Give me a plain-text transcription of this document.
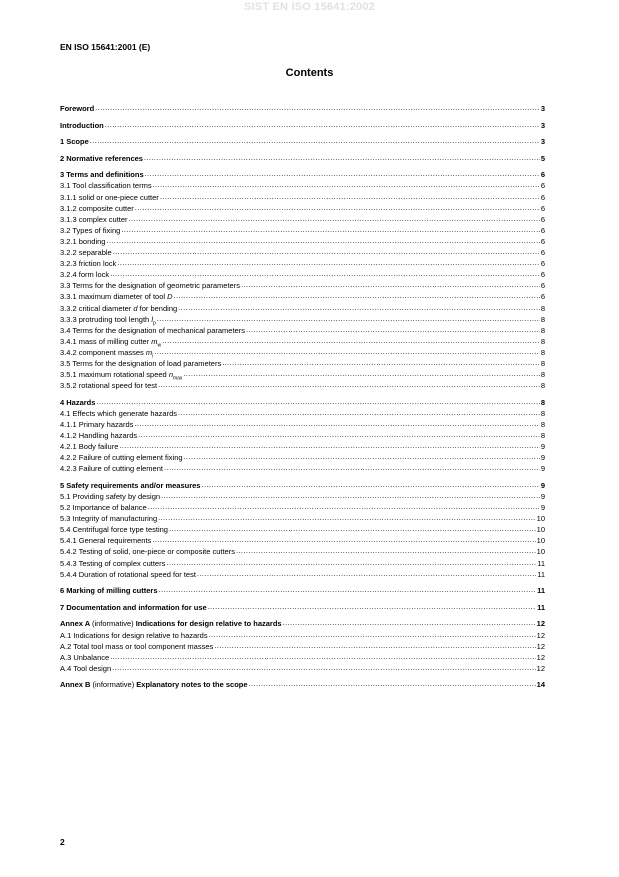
SIST EN ISO 15641:2002
EN ISO 15641:2001 (E)
Contents
Foreword .....	3
Introduction .....	3
1 Scope .....	3
2 Normative references .....	5
3 Terms and definitions .....	6
3.1 Tool classification terms .....	6
3.1.1 solid or one-piece cutter .....	6
3.1.2 composite cutter .....	6
3.1.3 complex cutter .....	6
3.2 Types of fixing .....	6
3.2.1 bonding .....	6
3.2.2 separable .....	6
3.2.3 friction lock .....	6
3.2.4 form lock .....	6
3.3 Terms for the designation of geometric parameters .....	6
3.3.1 maximum diameter of tool D .....	6
3.3.2 critical diameter d for bending .....	8
3.3.3 protruding tool length $l_p$ .....	8
3.4 Terms for the designation of mechanical parameters .....	8
3.4.1 mass of milling cutter $m_w$ .....	8
3.4.2 component masses $m_i$ .....	8
3.5 Terms for the designation of load parameters .....	8
3.5.1 maximum rotational speed $n_{max}$ .....	8
3.5.2 rotational speed for test .....	8
4 Hazards .....	8
4.1 Effects which generate hazards .....	8
4.1.1 Primary hazards .....	8
4.1.2 Handling hazards .....	8
4.2.1 Body failure .....	9
4.2.2 Failure of cutting element fixing .....	9
4.2.3 Failure of cutting element .....	9
5 Safety requirements and/or measures .....	9
5.1 Providing safety by design .....	9
5.2 Importance of balance .....	9
5.3 Integrity of manufacturing .....	10
5.4 Centrifugal force type testing .....	10
5.4.1 General requirements .....	10
5.4.2 Testing of solid, one-piece or composite cutters .....	10
5.4.3 Testing of complex cutters .....	11
5.4.4 Duration of rotational speed for test .....	11
6 Marking of milling cutters .....	11
7 Documentation and information for use .....	11
Annex A (informative) Indications for design relative to hazards .....	12
A.1 Indications for design relative to hazards .....	12
A.2 Total tool mass or tool component masses .....	12
A.3 Unbalance .....	12
A.4 Tool design .....	12
Annex B (informative) Explanatory notes to the scope .....	14
2
